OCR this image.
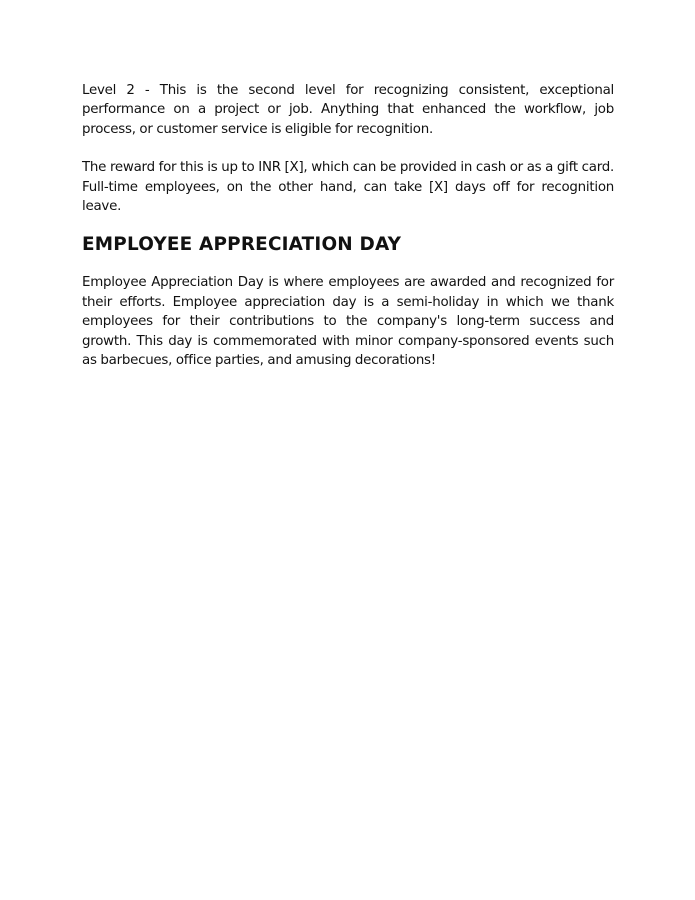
Level 2 - This is the second level for recognizing consistent, exceptional performance on a project or job. Anything that enhanced the workflow, job process, or customer service is eligible for recognition.

The reward for this is up to INR [X], which can be provided in cash or as a gift card. Full-time employees, on the other hand, can take [X] days off for recognition leave.

EMPLOYEE APPRECIATION DAY

Employee Appreciation Day is where employees are awarded and recognized for their efforts. Employee appreciation day is a semi-holiday in which we thank employees for their contributions to the company's long-term success and growth. This day is commemorated with minor company-sponsored events such as barbecues, office parties, and amusing decorations!
